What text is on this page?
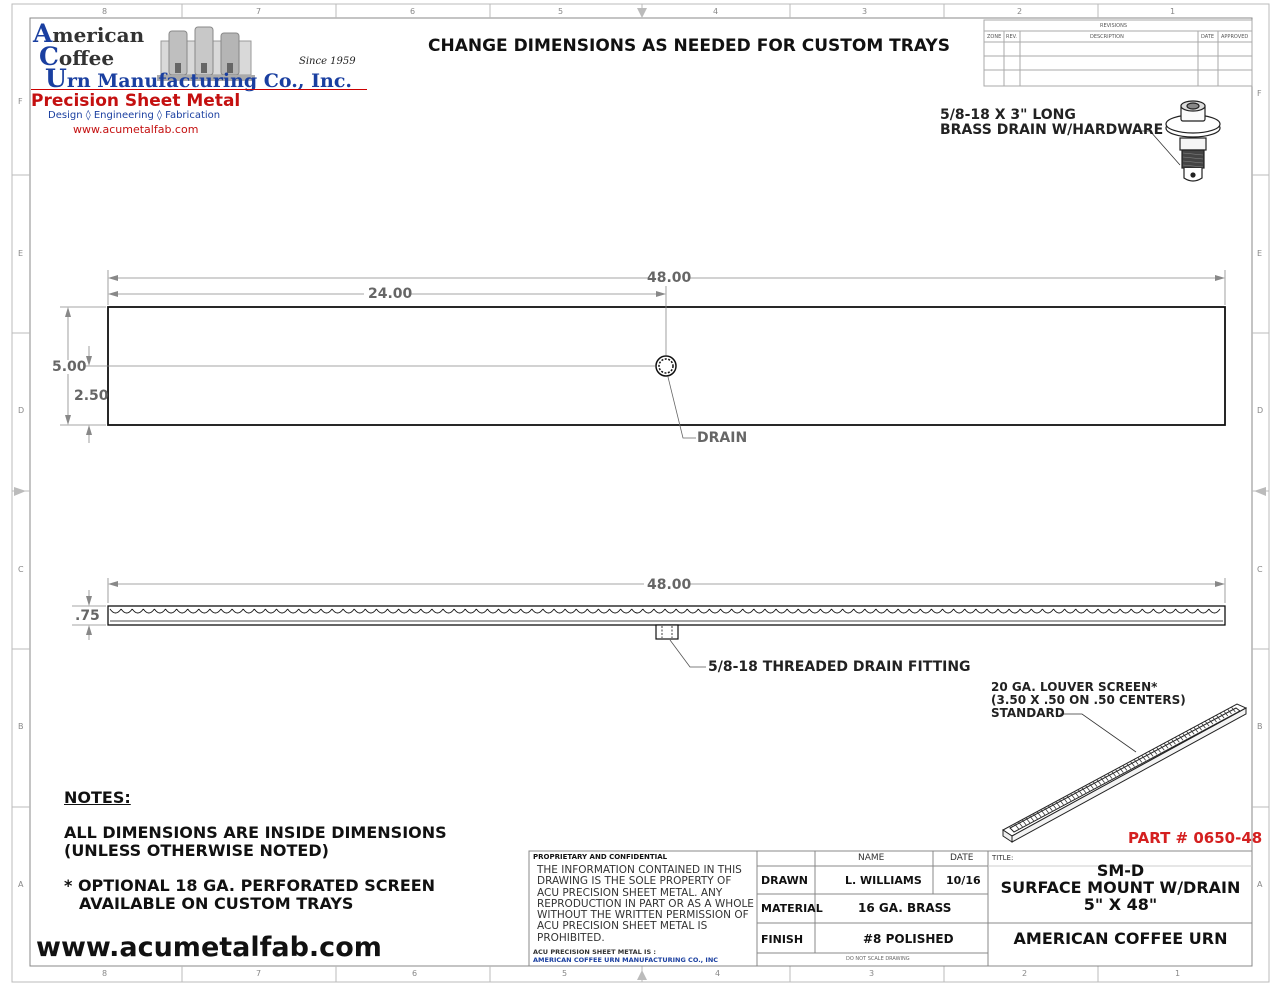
8	7	6	5	4	3	2	1
8	7	6	5	4	3	2	1
F
E
D
C
B
A
F
E
D
C
B
A
American
Coffee
Urn Manufacturing Co., Inc.
Since 1959
Precision Sheet Metal
Design ◊ Engineering ◊ Fabrication
www.acumetalfab.com
CHANGE DIMENSIONS AS NEEDED FOR CUSTOM TRAYS
REVISIONS
ZONE REV.	DESCRIPTION	DATE APPROVED
5/8-18 X 3" LONG
BRASS DRAIN W/HARDWARE
48.00
24.00
5.00
2.50
DRAIN
48.00
.75
5/8-18 THREADED DRAIN FITTING
20 GA. LOUVER SCREEN*
(3.50 X .50 ON .50 CENTERS)
STANDARD
PART # 0650-48
NOTES:
ALL DIMENSIONS ARE INSIDE DIMENSIONS
(UNLESS OTHERWISE NOTED)
* OPTIONAL 18 GA. PERFORATED SCREEN
AVAILABLE ON CUSTOM TRAYS
www.acumetalfab.com
PROPRIETARY AND CONFIDENTIAL
THE INFORMATION CONTAINED IN THIS DRAWING IS THE SOLE PROPERTY OF ACU PRECISION SHEET METAL. ANY REPRODUCTION IN PART OR AS A WHOLE WITHOUT THE WRITTEN PERMISSION OF ACU PRECISION SHEET METAL IS PROHIBITED.
ACU PRECISION SHEET METAL IS :
AMERICAN COFFEE URN MANUFACTURING CO., INC
NAME	DATE
DRAWN	L. WILLIAMS 10/16
MATERIAL	16 GA. BRASS
FINISH	#8 POLISHED
DO NOT SCALE DRAWING
TITLE:
SM-D
SURFACE MOUNT W/DRAIN
5" X 48"
AMERICAN COFFEE URN
